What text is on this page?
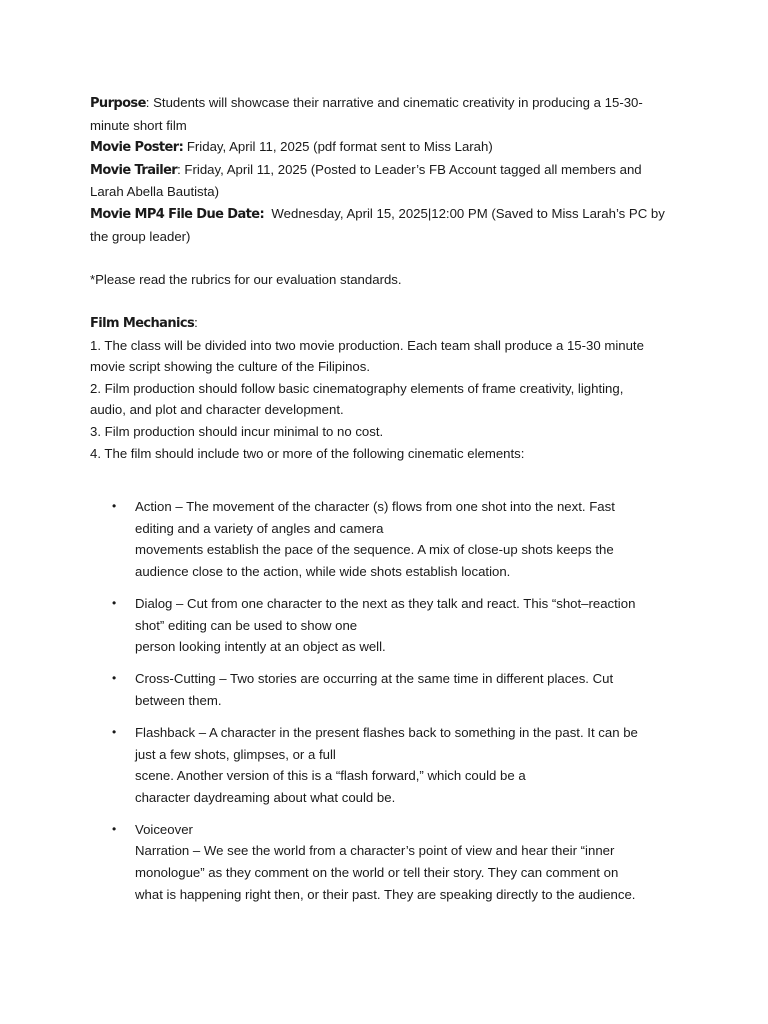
Purpose: Students will showcase their narrative and cinematic creativity in producing a 15-30-
minute short film
Movie Poster: Friday, April 11, 2025 (pdf format sent to Miss Larah)
Movie Trailer: Friday, April 11, 2025 (Posted to Leader’s FB Account tagged all members and
Larah Abella Bautista)
Movie MP4 File Due Date:  Wednesday, April 15, 2025|12:00 PM (Saved to Miss Larah’s PC by
the group leader)
*Please read the rubrics for our evaluation standards.
Film Mechanics:
1. The class will be divided into two movie production. Each team shall produce a 15-30 minute
movie script showing the culture of the Filipinos.
2. Film production should follow basic cinematography elements of frame creativity, lighting,
audio, and plot and character development.
3. Film production should incur minimal to no cost.
4. The film should include two or more of the following cinematic elements:
• Action – The movement of the character (s) flows from one shot into the next. Fast
editing and a variety of angles and camera
movements establish the pace of the sequence. A mix of close-up shots keeps the
audience close to the action, while wide shots establish location.
• Dialog – Cut from one character to the next as they talk and react. This “shot–reaction
shot” editing can be used to show one
person looking intently at an object as well.
• Cross-Cutting – Two stories are occurring at the same time in different places. Cut
between them.
• Flashback – A character in the present flashes back to something in the past. It can be
just a few shots, glimpses, or a full
scene. Another version of this is a “flash forward,” which could be a
character daydreaming about what could be.
• Voiceover
Narration – We see the world from a character’s point of view and hear their “inner
monologue” as they comment on the world or tell their story. They can comment on
what is happening right then, or their past. They are speaking directly to the audience.
